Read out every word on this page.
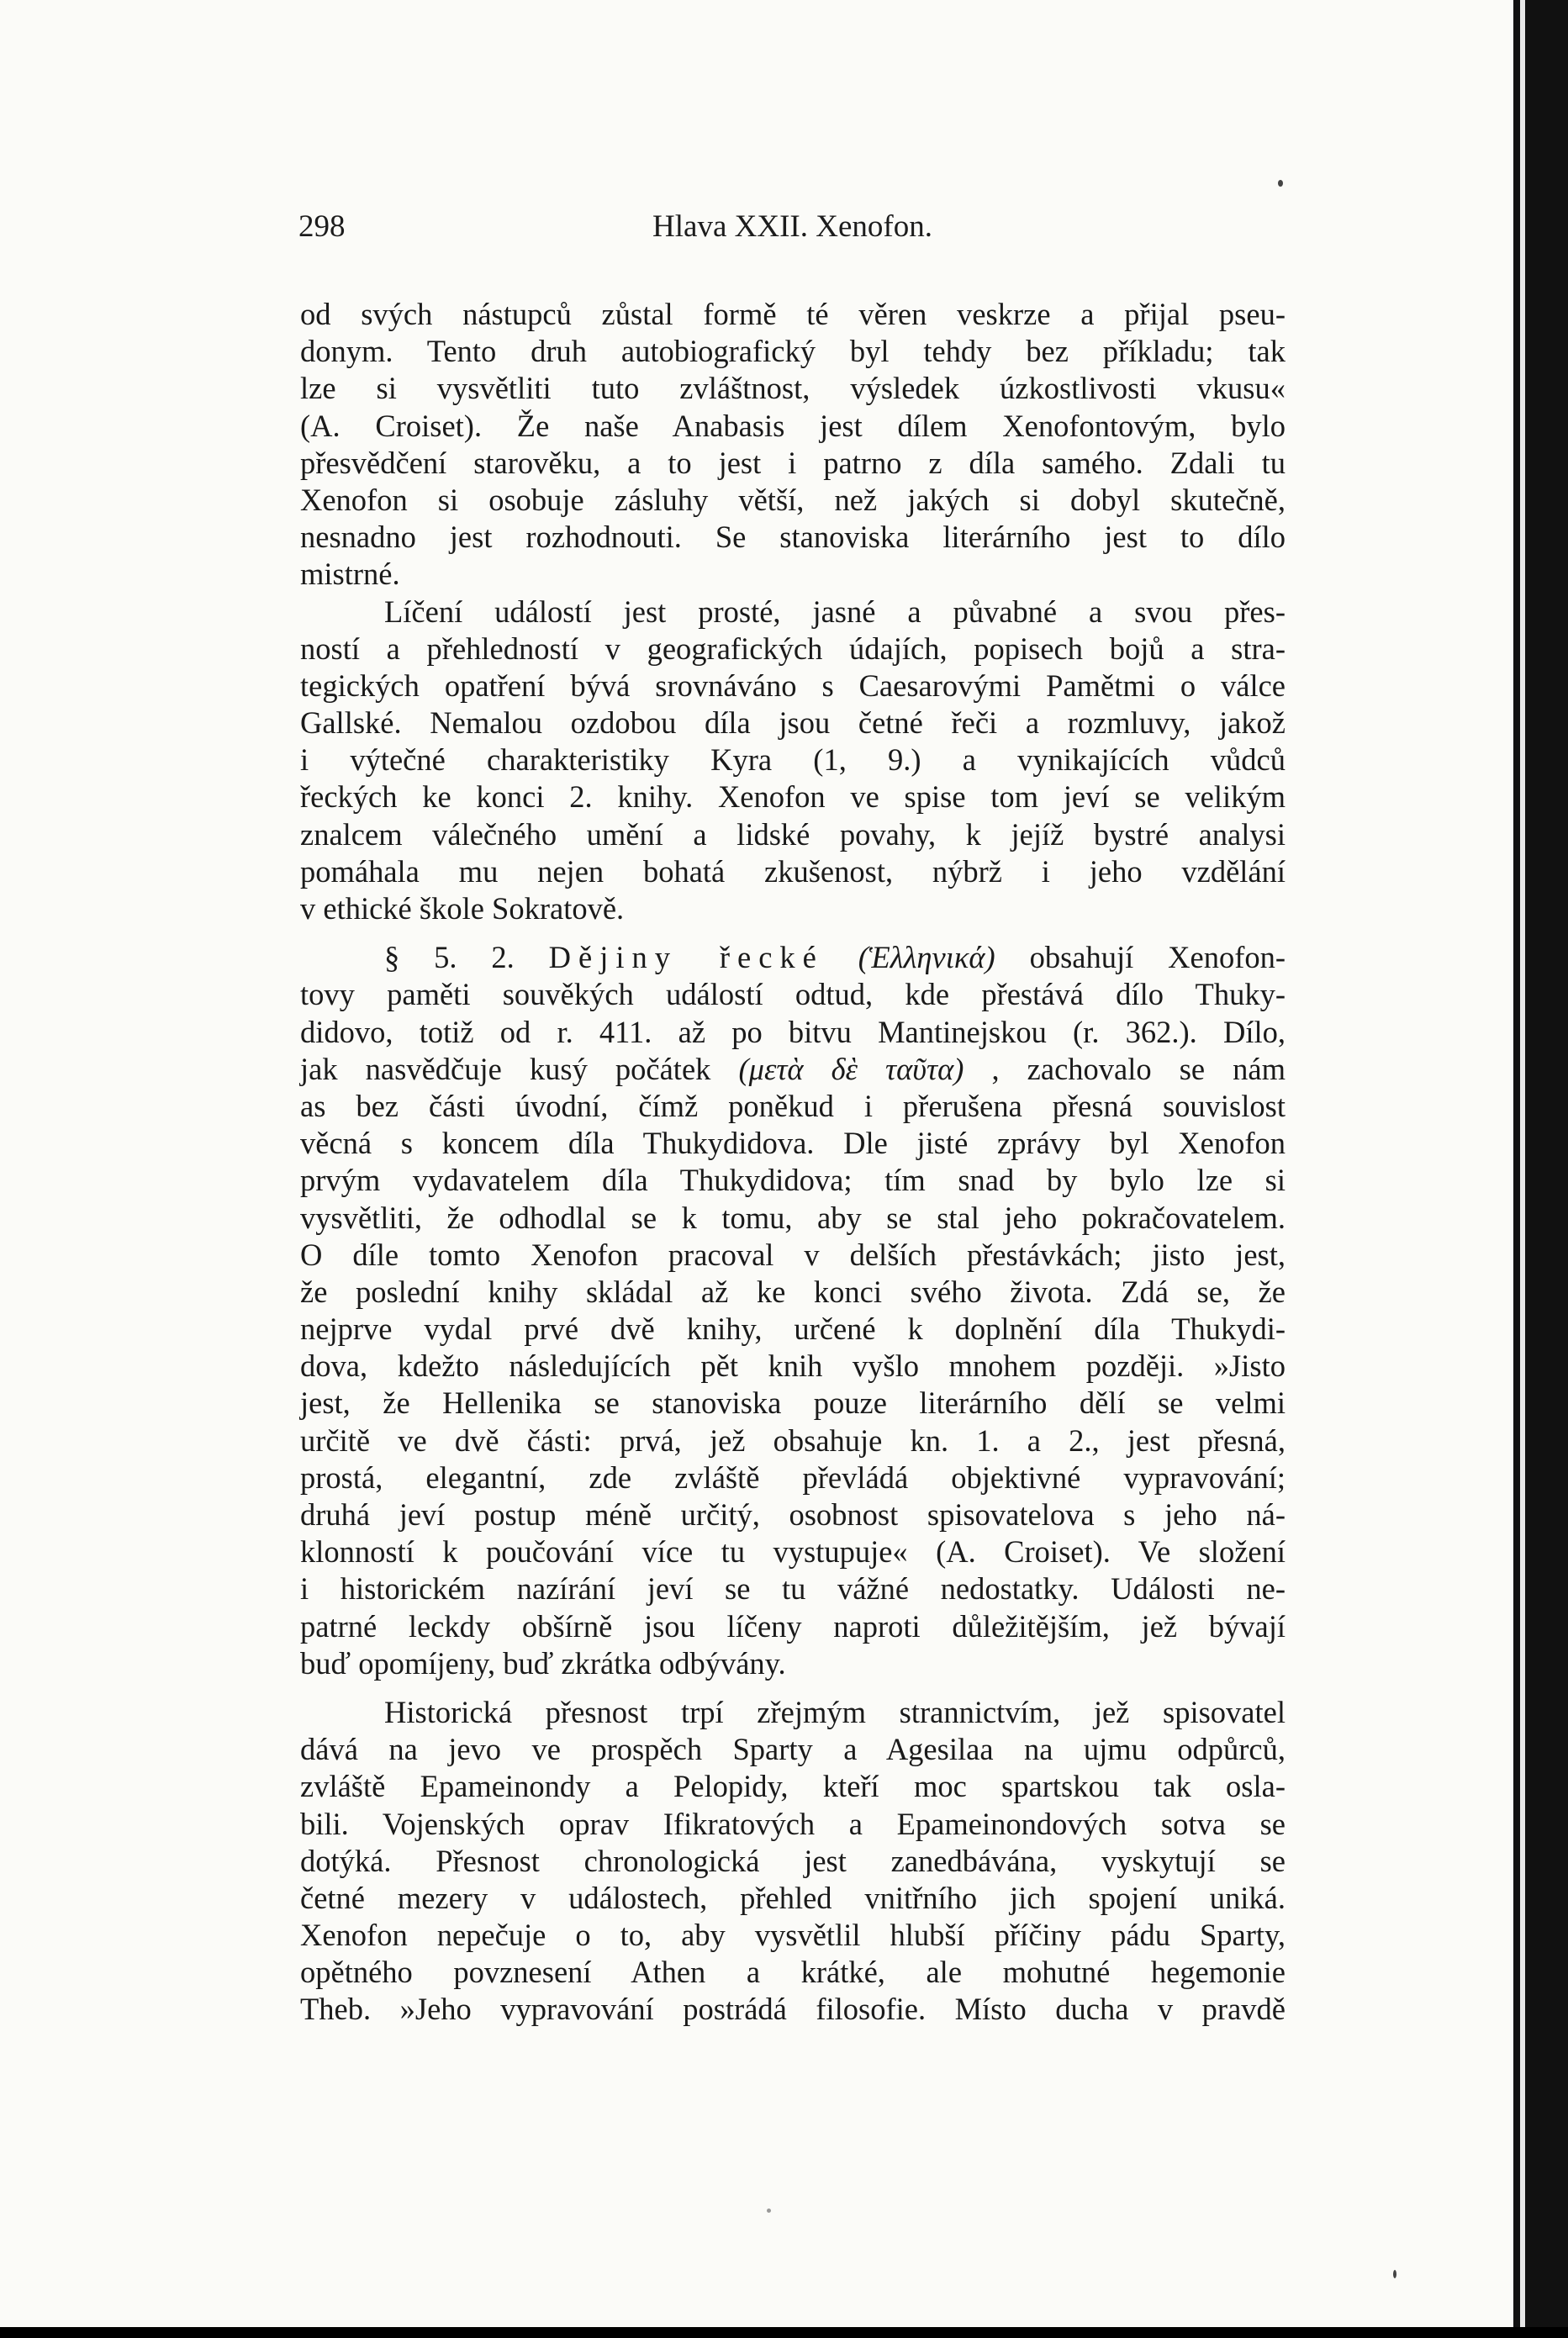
298	Hlava XXII. Xenofon.
od svých nástupců zůstal formě té věren veskrze a přijal pseu-
donym. Tento druh autobiografický byl tehdy bez příkladu; tak
lze si vysvětliti tuto zvláštnost, výsledek úzkostlivosti vkusu«
(A. Croiset). Že naše Anabasis jest dílem Xenofontovým, bylo
přesvědčení starověku, a to jest i patrno z díla samého. Zdali tu
Xenofon si osobuje zásluhy větší, než jakých si dobyl skutečně,
nesnadno jest rozhodnouti. Se stanoviska literárního jest to dílo
mistrné.
Líčení událostí jest prosté, jasné a půvabné a svou přes-
ností a přehledností v geografických údajích, popisech bojů a stra-
tegických opatření bývá srovnáváno s Caesarovými Pamětmi o válce
Gallské. Nemalou ozdobou díla jsou četné řeči a rozmluvy, jakož
i výtečné charakteristiky Kyra (1, 9.) a vynikajících vůdců
řeckých ke konci 2. knihy. Xenofon ve spise tom jeví se velikým
znalcem válečného umění a lidské povahy, k jejíž bystré analysi
pomáhala mu nejen bohatá zkušenost, nýbrž i jeho vzdělání
v ethické škole Sokratově.
§ 5. 2. Dějiny řecké (Ἑλληνικά) obsahují Xenofon-
tovy paměti souvěkých událostí odtud, kde přestává dílo Thuky-
didovo, totiž od r. 411. až po bitvu Mantinejskou (r. 362.). Dílo,
jak nasvědčuje kusý počátek (μετὰ δὲ ταῦτα) , zachovalo se nám
as bez části úvodní, čímž poněkud i přerušena přesná souvislost
věcná s koncem díla Thukydidova. Dle jisté zprávy byl Xenofon
prvým vydavatelem díla Thukydidova; tím snad by bylo lze si
vysvětliti, že odhodlal se k tomu, aby se stal jeho pokračovatelem.
O díle tomto Xenofon pracoval v delších přestávkách; jisto jest,
že poslední knihy skládal až ke konci svého života. Zdá se, že
nejprve vydal prvé dvě knihy, určené k doplnění díla Thukydi-
dova, kdežto následujících pět knih vyšlo mnohem později. »Jisto
jest, že Hellenika se stanoviska pouze literárního dělí se velmi
určitě ve dvě části: prvá, jež obsahuje kn. 1. a 2., jest přesná,
prostá, elegantní, zde zvláště převládá objektivné vypravování;
druhá jeví postup méně určitý, osobnost spisovatelova s jeho ná-
klonností k poučování více tu vystupuje« (A. Croiset). Ve složení
i historickém nazírání jeví se tu vážné nedostatky. Události ne-
patrné leckdy obšírně jsou líčeny naproti důležitějším, jež bývají
buď opomíjeny, buď zkrátka odbývány.
Historická přesnost trpí zřejmým strannictvím, jež spisovatel
dává na jevo ve prospěch Sparty a Agesilaa na ujmu odpůrců,
zvláště Epameinondy a Pelopidy, kteří moc spartskou tak osla-
bili. Vojenských oprav Ifikratových a Epameinondových sotva se
dotýká. Přesnost chronologická jest zanedbávána, vyskytují se
četné mezery v událostech, přehled vnitřního jich spojení uniká.
Xenofon nepečuje o to, aby vysvětlil hlubší příčiny pádu Sparty,
opětného povznesení Athen a krátké, ale mohutné hegemonie
Theb. »Jeho vypravování postrádá filosofie. Místo ducha v pravdě
